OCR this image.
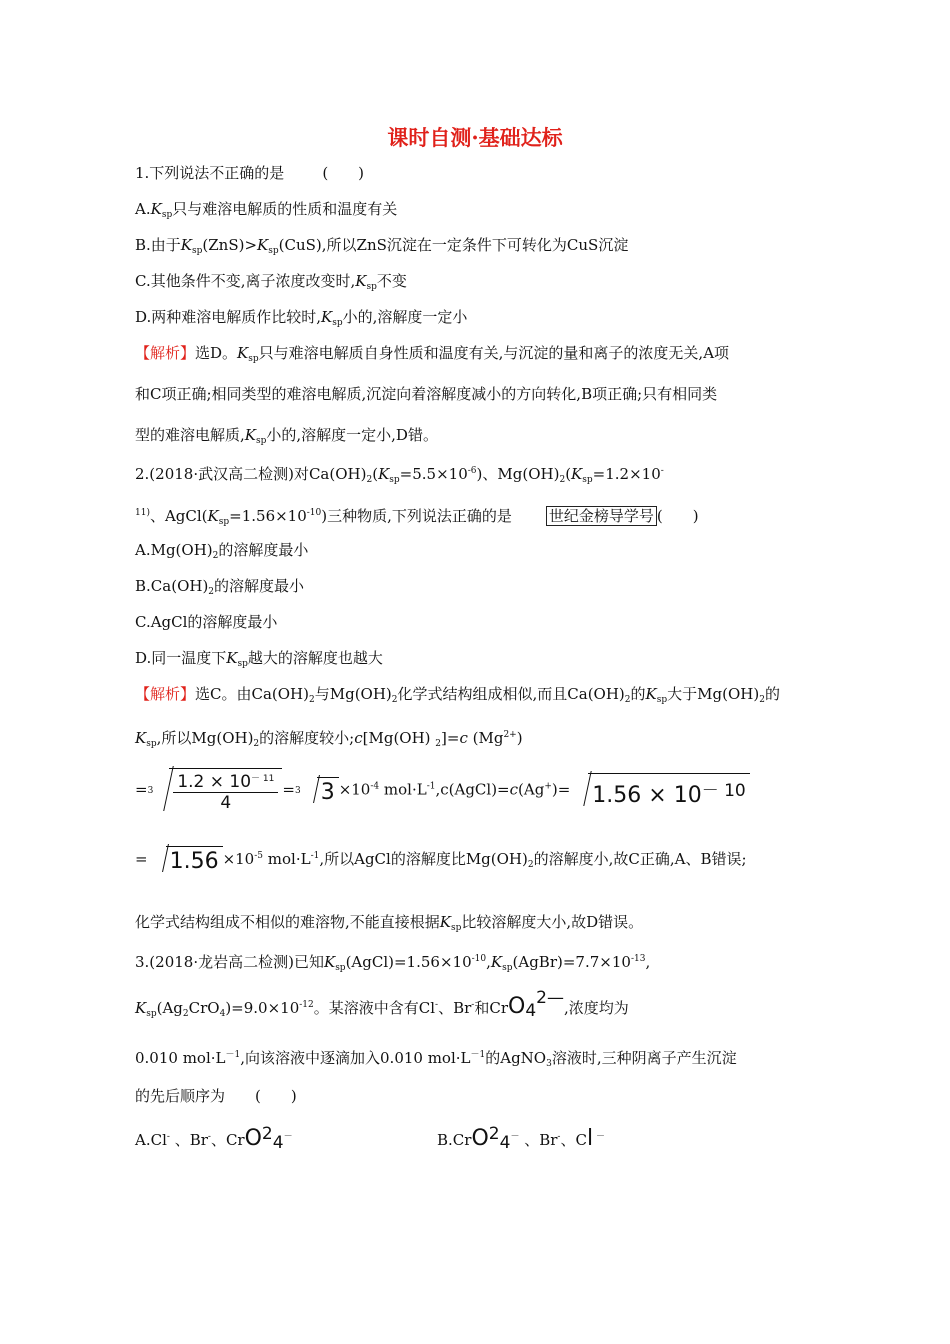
课时自测·基础达标
1.下列说法不正确的是	(　　)
$A.K_{sp}$只与难溶电解质的性质和温度有关
B.由于$K_{sp}(ZnS)>K_{sp}(CuS)$,所以ZnS沉淀在一定条件下可转化为CuS沉淀
C.其他条件不变,离子浓度改变时$,K_{sp}$不变
D.两种难溶电解质作比较时$,K_{sp}$小的,溶解度一定小
【解析】选D。$K_{sp}$只与难溶电解质自身性质和温度有关,与沉淀的量和离子的浓度无关,A项
和C项正确;相同类型的难溶电解质,沉淀向着溶解度减小的方向转化,B项正确;只有相同类
型的难溶电解质$,K_{sp}$小的,溶解度一定小,D错。
2.(2018·武汉高二检测)对$Ca(OH)_2(K_{sp}=5.5\times 10^{-6})$、$Mg(OH)_2(K_{sp}=1.2\times 10^-$
$^{11)}$、$AgCl(K_{sp}=1.56\times 10^{-10})$三种物质,下列说法正确的是 世纪金榜导学号 (　　)
$A.Mg(OH)_2$的溶解度最小
$B.Ca(OH)_2$的溶解度最小
C.AgCl的溶解度最小
D.同一温度下$K_{sp}$越大的溶解度也越大
【解析】选C。由$Ca(OH)_2$与$Mg(OH)_2$化学式结构组成相似,而且$Ca(OH)_2$的$K_{sp}$大于$Mg(OH)_2$的
$K_{sp}$,所以$Mg(OH)_2$的溶解度较小;c[Mg(OH) $_2$]=c $(Mg^{2+})$
$=3 \frac{1.2 \times 10^{- 11}}{4} =3$ $3 \times 10^{-4}$ $mol\cdot L^{-1},c(AgCl)=c(Ag^+)= 1.56 \times 10^{- 10}$
= $1.56 \times 10^{-5}$ $mol\cdot L^{-1}$,所以AgCl的溶解度比$Mg(OH)_2$的溶解度小,故C正确,A、B错误;
化学式结构组成不相似的难溶物,不能直接根据$K_{sp}$比较溶解度大小,故D错误。
3.(2018·龙岩高二检测)已知$K_{sp}(AgCl)=1.56\times 10^{-10},K_{sp}(AgBr)=7.7\times 10^{-13}$,
$K_{sp}(Ag_2CrO_4)=9.0\times 10^{-12}$。某溶液中含有Cl-、Br-和CrO$_4^{2—}$,浓度均为
0.010 $mol\cdot L^{-1}$,向该溶液中逐滴加入0.010 $mol\cdot L^{-1}$的AgNO$_3$溶液时,三种阴离子产生沉淀
的先后顺序为 (　　)
A.Cl- 、Br-、CrO$^2_4$－	B.CrO$^2_4$－ 、Br-、Cl －
